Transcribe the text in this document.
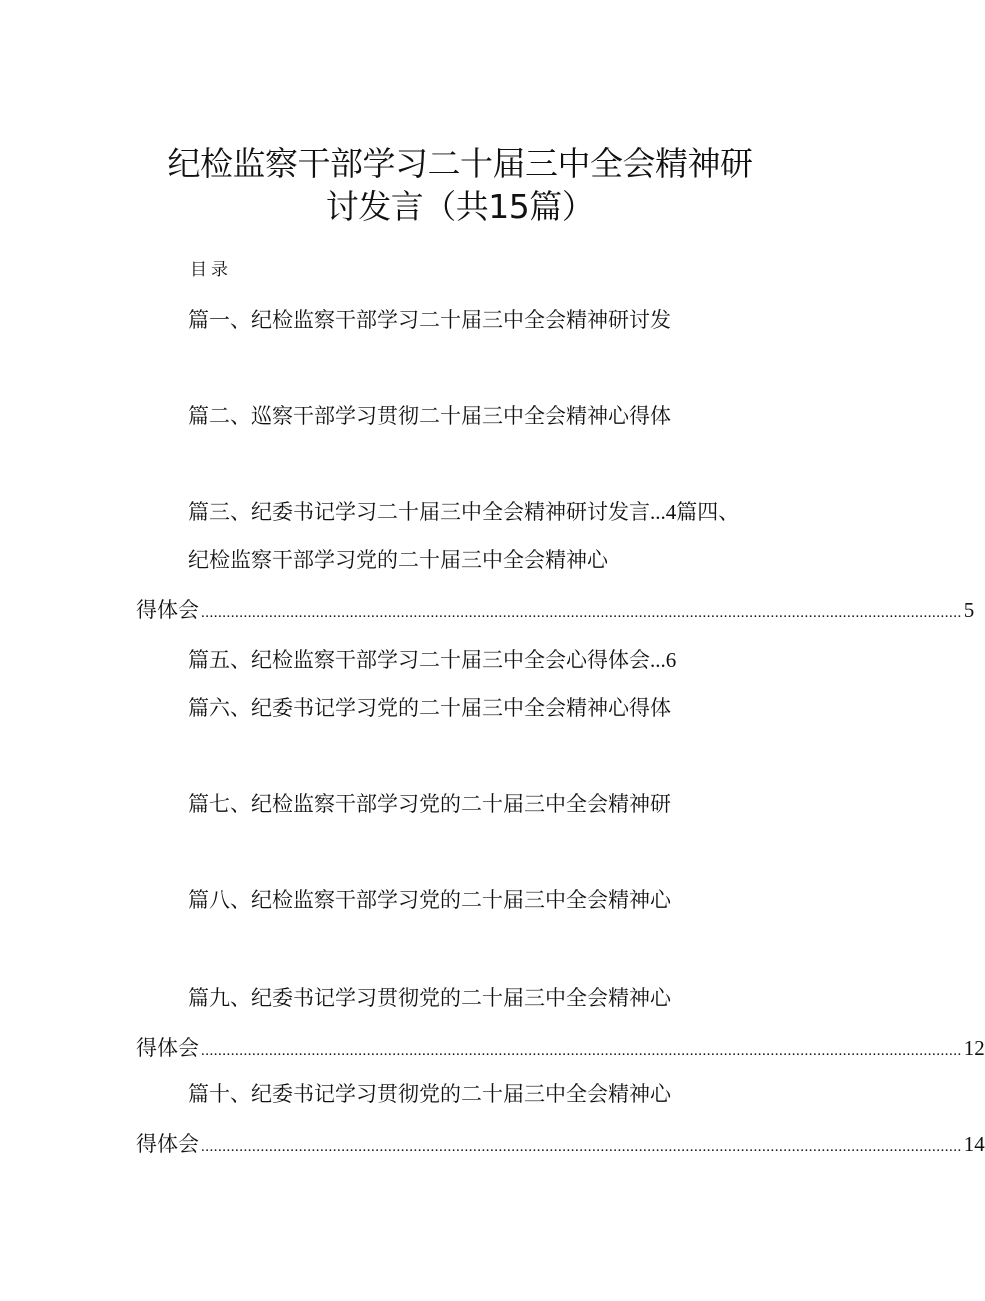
纪检监察干部学习二十届三中全会精神研
讨发言（共15篇）
目录
篇一、纪检监察干部学习二十届三中全会精神研讨发
篇二、巡察干部学习贯彻二十届三中全会精神心得体
篇三、纪委书记学习二十届三中全会精神研讨发言...4篇四、
纪检监察干部学习党的二十届三中全会精神心
得体会 ................................................................................................................................................................................... 5
篇五、纪检监察干部学习二十届三中全会心得体会...6
篇六、纪委书记学习党的二十届三中全会精神心得体
篇七、纪检监察干部学习党的二十届三中全会精神研
篇八、纪检监察干部学习党的二十届三中全会精神心
篇九、纪委书记学习贯彻党的二十届三中全会精神心
得体会 ................................................................................................................................................................................... 12
篇十、纪委书记学习贯彻党的二十届三中全会精神心
得体会 ................................................................................................................................................................................... 14
